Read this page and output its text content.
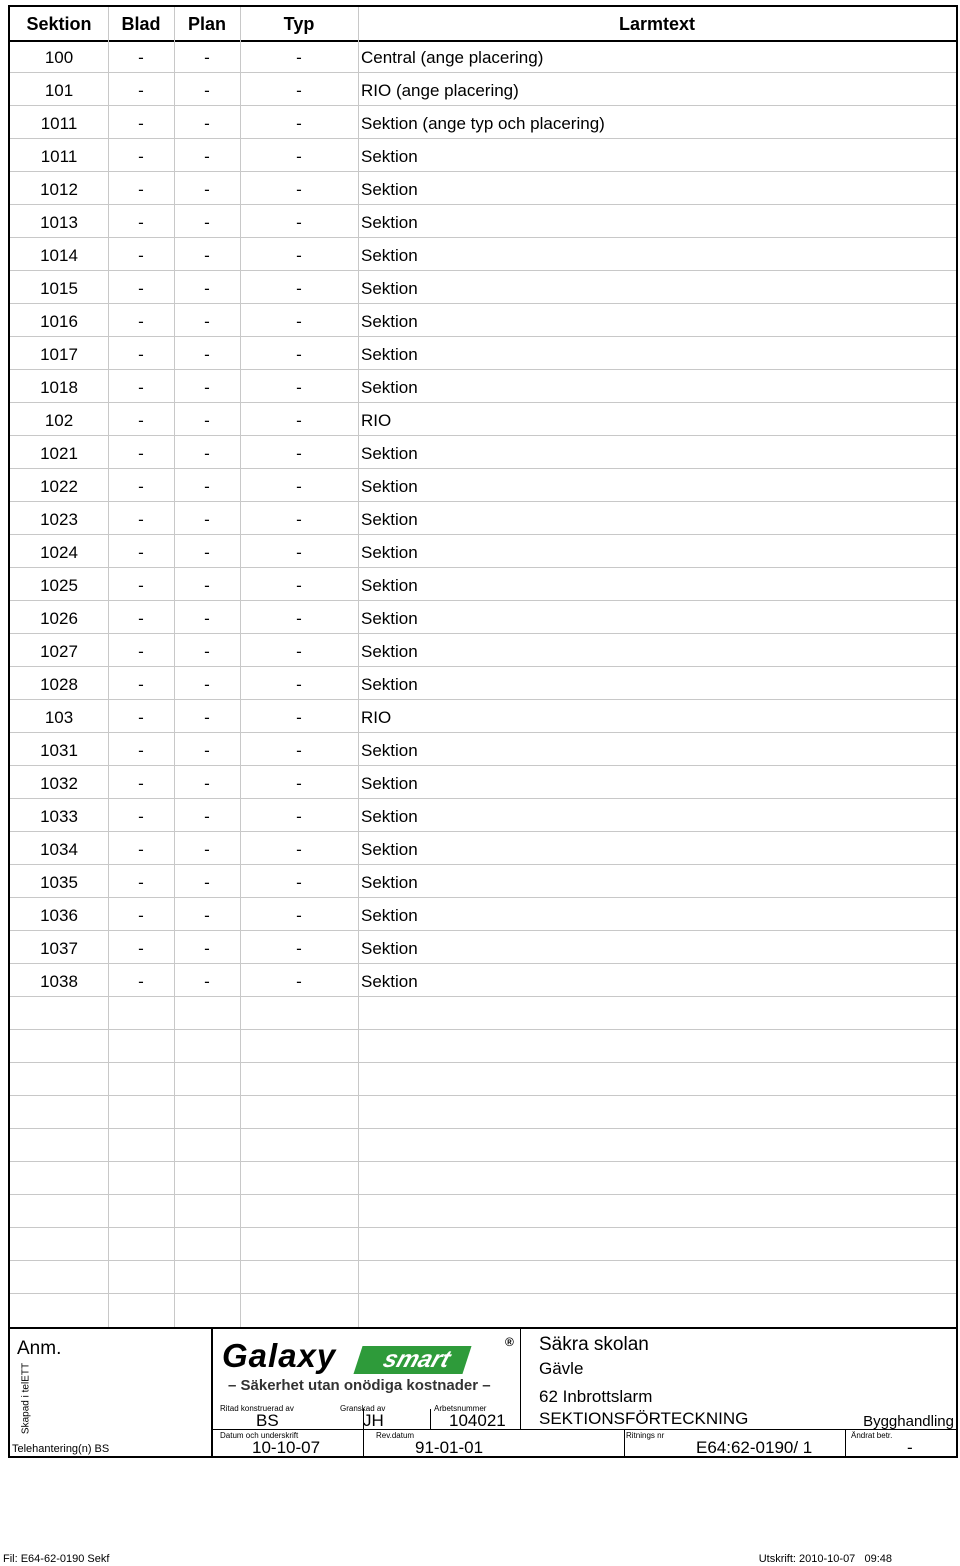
Sektion	Blad	Plan	Typ	Larmtext
100	-	-	-	Central (ange placering)
101	-	-	-	RIO (ange placering)
1011	-	-	-	Sektion (ange typ och placering)
1011	-	-	-	Sektion
1012	-	-	-	Sektion
1013	-	-	-	Sektion
1014	-	-	-	Sektion
1015	-	-	-	Sektion
1016	-	-	-	Sektion
1017	-	-	-	Sektion
1018	-	-	-	Sektion
102	-	-	-	RIO
1021	-	-	-	Sektion
1022	-	-	-	Sektion
1023	-	-	-	Sektion
1024	-	-	-	Sektion
1025	-	-	-	Sektion
1026	-	-	-	Sektion
1027	-	-	-	Sektion
1028	-	-	-	Sektion
103	-	-	-	RIO
1031	-	-	-	Sektion
1032	-	-	-	Sektion
1033	-	-	-	Sektion
1034	-	-	-	Sektion
1035	-	-	-	Sektion
1036	-	-	-	Sektion
1037	-	-	-	Sektion
1038	-	-	-	Sektion
Anm.
Skapad i telETT
Telehantering(n) BS
Galaxy	smart
®
– Säkerhet utan onödiga kostnader –
Ritad konstruerad av
BS
Granskad av
JH
Arbetsnummer
104021
Datum och underskrift
10-10-07
Rev.datum
91-01-01
Säkra skolan
Gävle
62 Inbrottslarm
SEKTIONSFÖRTECKNING	Bygghandling
Ritnings nr
E64:62-0190/ 1
Ändrat betr.
-
Fil: E64-62-0190 Sekf	Utskrift: 2010-10-07   09:48
